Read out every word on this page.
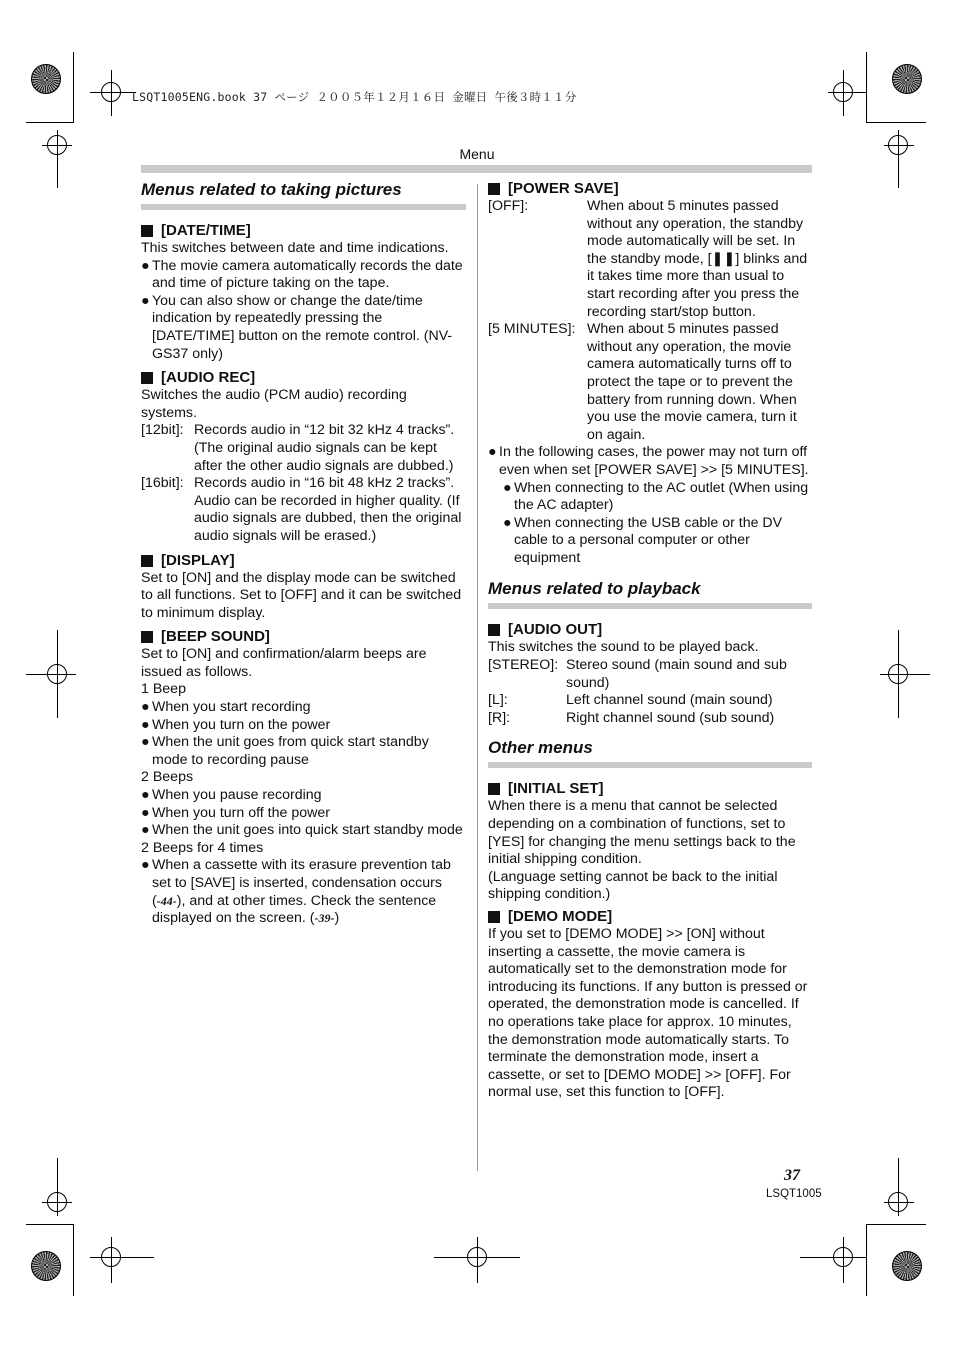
LSQT1005ENG.book 37 ページ ２００５年１２月１６日 金曜日 午後３時１１分
Menu

Menus related to taking pictures

[DATE/TIME]

This switches between date and time indications.

● The movie camera automatically records the date and time of picture taking on the tape.
● You can also show or change the date/time indication by repeatedly pressing the [DATE/TIME] button on the remote control. (NV-GS37 only)

[AUDIO REC]

Switches the audio (PCM audio) recording systems.

[12bit]: Records audio in “12 bit 32 kHz 4 tracks”. (The original audio signals can be kept after the other audio signals are dubbed.)
[16bit]: Records audio in “16 bit 48 kHz 2 tracks”. Audio can be recorded in higher quality. (If audio signals are dubbed, then the original audio signals will be erased.)

[DISPLAY]

Set to [ON] and the display mode can be switched to all functions. Set to [OFF] and it can be switched to minimum display.

[BEEP SOUND]

Set to [ON] and confirmation/alarm beeps are issued as follows.

1 Beep

● When you start recording
● When you turn on the power
● When the unit goes from quick start standby mode to recording pause

2 Beeps

● When you pause recording
● When you turn off the power
● When the unit goes into quick start standby mode

2 Beeps for 4 times

● When a cassette with its erasure prevention tab set to [SAVE] is inserted, condensation occurs (-44-), and at other times. Check the sentence displayed on the screen. (-39-)

[POWER SAVE]

[OFF]:	When about 5 minutes passed without any operation, the standby mode automatically will be set. In the standby mode, [❚❚] blinks and it takes time more than usual to start recording after you press the recording start/stop button.
[5 MINUTES]: When about 5 minutes passed without any operation, the movie camera automatically turns off to protect the tape or to prevent the battery from running down. When you use the movie camera, turn it on again.
● In the following cases, the power may not turn off even when set [POWER SAVE] >> [5 MINUTES].
● When connecting to the AC outlet (When using the AC adapter)
● When connecting the USB cable or the DV cable to a personal computer or other equipment

Menus related to playback

[AUDIO OUT]

This switches the sound to be played back.

[STEREO]: Stereo sound (main sound and sub sound)
[L]:	Left channel sound (main sound)
[R]:	Right channel sound (sub sound)

Other menus

[INITIAL SET]

When there is a menu that cannot be selected depending on a combination of functions, set to [YES] for changing the menu settings back to the initial shipping condition.

(Language setting cannot be back to the initial shipping condition.)

[DEMO MODE]

If you set to [DEMO MODE] >> [ON] without inserting a cassette, the movie camera is automatically set to the demonstration mode for introducing its functions. If any button is pressed or operated, the demonstration mode is cancelled. If no operations take place for approx. 10 minutes, the demonstration mode automatically starts. To terminate the demonstration mode, insert a cassette, or set to [DEMO MODE] >> [OFF]. For normal use, set this function to [OFF].

37
LSQT1005
